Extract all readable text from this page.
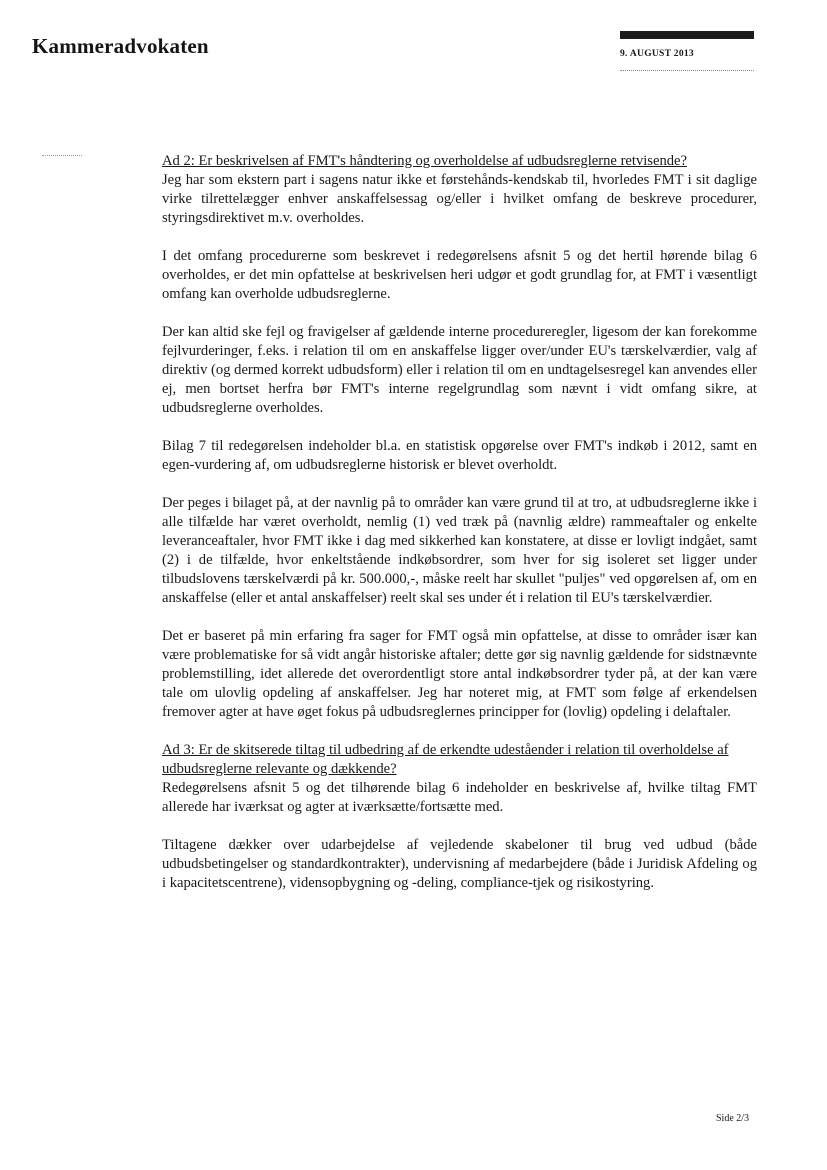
Kammeradvokaten	9. AUGUST 2013

Ad 2: Er beskrivelsen af FMT's håndtering og overholdelse af udbudsreglerne retvisende?

Jeg har som ekstern part i sagens natur ikke et førstehånds-kendskab til, hvorledes FMT i sit daglige virke tilrettelægger enhver anskaffelsessag og/eller i hvilket omfang de beskreve procedurer, styringsdirektivet m.v. overholdes.

I det omfang procedurerne som beskrevet i redegørelsens afsnit 5 og det hertil hørende bilag 6 overholdes, er det min opfattelse at beskrivelsen heri udgør et godt grundlag for, at FMT i væsentligt omfang kan overholde udbudsreglerne.

Der kan altid ske fejl og fravigelser af gældende interne procedureregler, ligesom der kan forekomme fejlvurderinger, f.eks. i relation til om en anskaffelse ligger over/under EU's tærskelværdier, valg af direktiv (og dermed korrekt udbudsform) eller i relation til om en undtagelsesregel kan anvendes eller ej, men bortset herfra bør FMT's interne regelgrundlag som nævnt i vidt omfang sikre, at udbudsreglerne overholdes.

Bilag 7 til redegørelsen indeholder bl.a. en statistisk opgørelse over FMT's indkøb i 2012, samt en egen-vurdering af, om udbudsreglerne historisk er blevet overholdt.

Der peges i bilaget på, at der navnlig på to områder kan være grund til at tro, at udbudsreglerne ikke i alle tilfælde har været overholdt, nemlig (1) ved træk på (navnlig ældre) rammeaftaler og enkelte leveranceaftaler, hvor FMT ikke i dag med sikkerhed kan konstatere, at disse er lovligt indgået, samt (2) i de tilfælde, hvor enkeltstående indkøbsordrer, som hver for sig isoleret set ligger under tilbudslovens tærskelværdi på kr. 500.000,-, måske reelt har skullet "puljes" ved opgørelsen af, om en anskaffelse (eller et antal anskaffelser) reelt skal ses under ét i relation til EU's tærskelværdier.

Det er baseret på min erfaring fra sager for FMT også min opfattelse, at disse to områder især kan være problematiske for så vidt angår historiske aftaler; dette gør sig navnlig gældende for sidstnævnte problemstilling, idet allerede det overordentligt store antal indkøbsordrer tyder på, at der kan være tale om ulovlig opdeling af anskaffelser. Jeg har noteret mig, at FMT som følge af erkendelsen fremover agter at have øget fokus på udbudsreglernes principper for (lovlig) opdeling i delaftaler.

Ad 3: Er de skitserede tiltag til udbedring af de erkendte udeståender i relation til overholdelse af udbudsreglerne relevante og dækkende?

Redegørelsens afsnit 5 og det tilhørende bilag 6 indeholder en beskrivelse af, hvilke tiltag FMT allerede har iværksat og agter at iværksætte/fortsætte med.

Tiltagene dækker over udarbejdelse af vejledende skabeloner til brug ved udbud (både udbudsbetingelser og standardkontrakter), undervisning af medarbejdere (både i Juridisk Afdeling og i kapacitetscentrene), vidensopbygning og -deling, compliance-tjek og risikostyring.

Side 2/3
